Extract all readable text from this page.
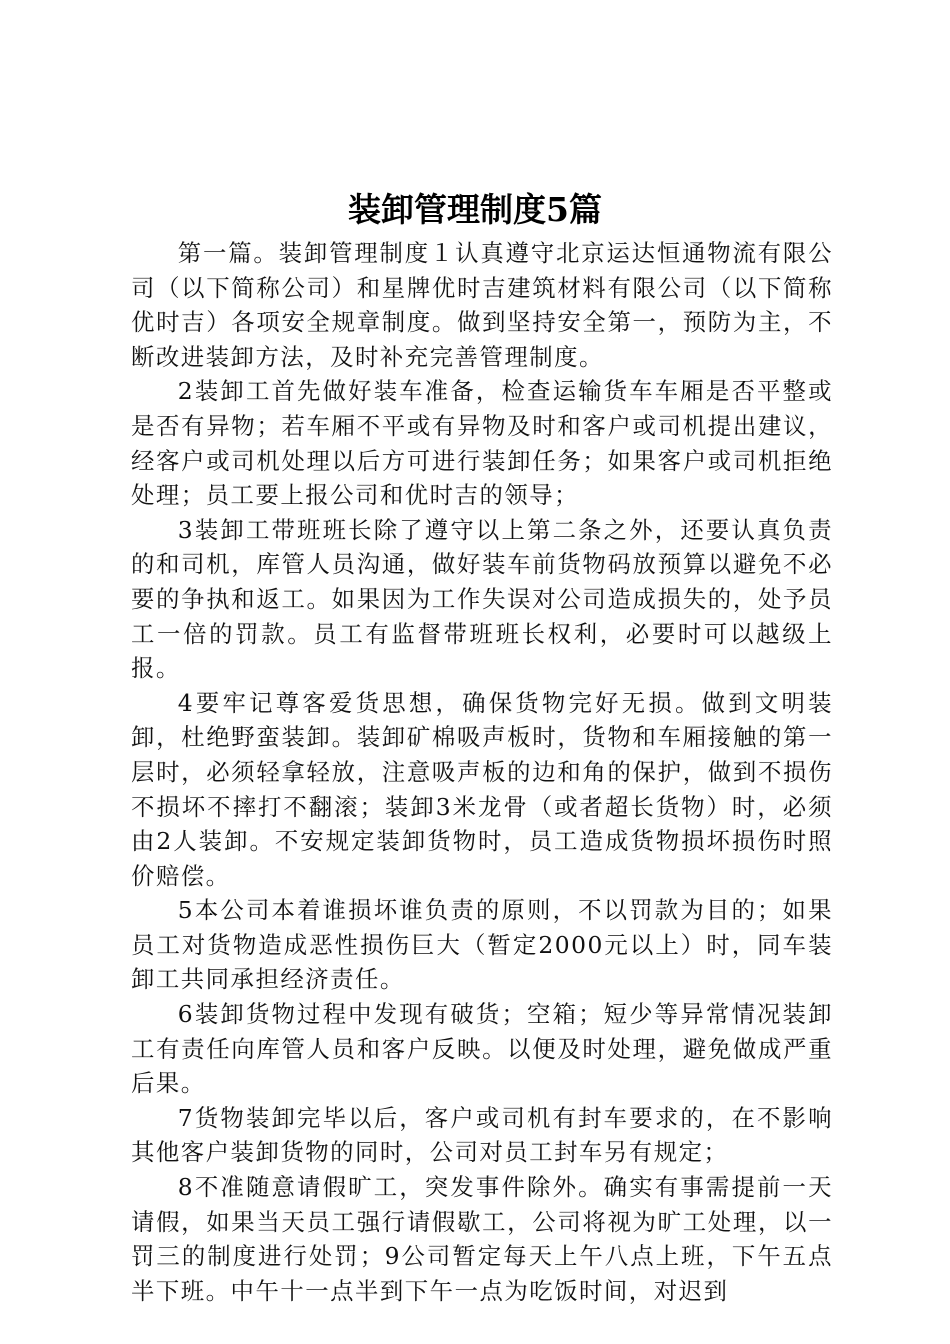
装卸管理制度5篇

第一篇。装卸管理制度１认真遵守北京运达恒通物流有限公司（以下简称公司）和星牌优时吉建筑材料有限公司（以下简称优时吉）各项安全规章制度。做到坚持安全第一，预防为主，不断改进装卸方法，及时补充完善管理制度。

2装卸工首先做好装车准备，检查运输货车车厢是否平整或是否有异物；若车厢不平或有异物及时和客户或司机提出建议，经客户或司机处理以后方可进行装卸任务；如果客户或司机拒绝处理；员工要上报公司和优时吉的领导；

3装卸工带班班长除了遵守以上第二条之外，还要认真负责的和司机，库管人员沟通，做好装车前货物码放预算以避免不必要的争执和返工。如果因为工作失误对公司造成损失的，处予员工一倍的罚款。员工有监督带班班长权利，必要时可以越级上报。

4要牢记尊客爱货思想，确保货物完好无损。做到文明装卸，杜绝野蛮装卸。装卸矿棉吸声板时，货物和车厢接触的第一层时，必须轻拿轻放，注意吸声板的边和角的保护，做到不损伤不损坏不摔打不翻滚；装卸3米龙骨（或者超长货物）时，必须由2人装卸。不安规定装卸货物时，员工造成货物损坏损伤时照价赔偿。

5本公司本着谁损坏谁负责的原则，不以罚款为目的；如果员工对货物造成恶性损伤巨大（暂定2000元以上）时，同车装卸工共同承担经济责任。

6装卸货物过程中发现有破货；空箱；短少等异常情况装卸工有责任向库管人员和客户反映。以便及时处理，避免做成严重后果。

7货物装卸完毕以后，客户或司机有封车要求的，在不影响其他客户装卸货物的同时，公司对员工封车另有规定；

8不准随意请假旷工，突发事件除外。确实有事需提前一天请假，如果当天员工强行请假歇工，公司将视为旷工处理，以一罚三的制度进行处罚；9公司暂定每天上午八点上班，下午五点半下班。中午十一点半到下午一点为吃饭时间，对迟到
